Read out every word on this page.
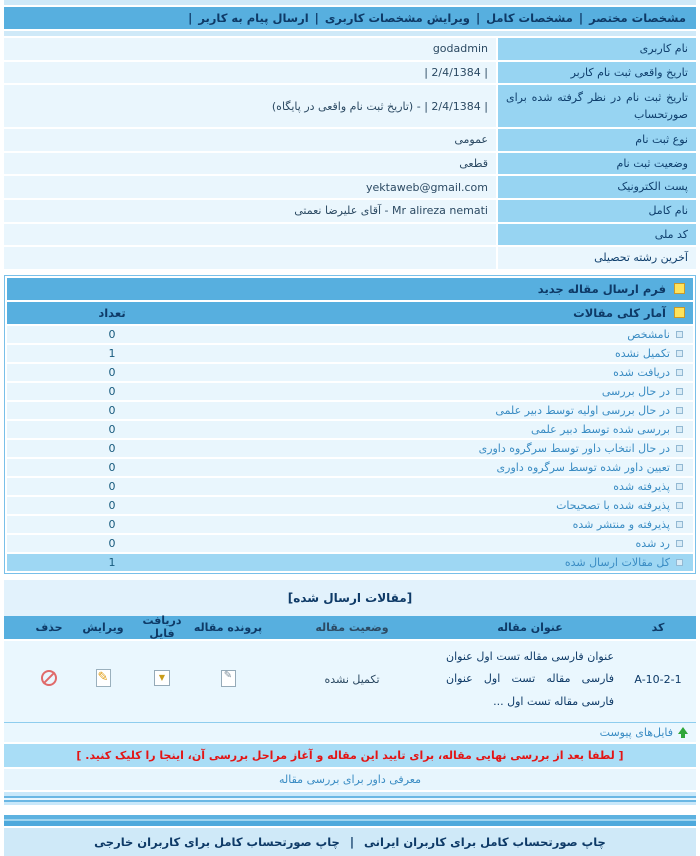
مشخصات مختصر|مشخصات کامل|ویرایش مشخصات کاربری|ارسال پیام به کاربر|
نام کاربری
godadmin
تاریخ واقعی ثبت نام کاربر
| 2/4/1384 |
تاریخ ثبت نام در نظر گرفته شده برای صورتحساب
| 2/4/1384 | - (تاریخ ثبت نام واقعی در پایگاه)
نوع ثبت نام
عمومی
وضعیت ثبت نام
قطعی
پست الکترونیک
yektaweb@gmail.com
نام کامل
Mr alireza nemati - آقای علیرضا نعمتی
کد ملی
آخرین رشته تحصیلی
فرم ارسال مقاله جدید
آمار کلی مقالات
تعداد
نامشخص
0
تکمیل نشده
1
دریافت شده
0
در حال بررسی
0
در حال بررسی اولیه توسط دبیر علمی
0
بررسی شده توسط دبیر علمی
0
در حال انتخاب داور توسط سرگروه داوری
0
تعیین داور شده توسط سرگروه داوری
0
پذیرفته شده
0
پذیرفته شده با تصحیحات
0
پذیرفته و منتشر شده
0
رد شده
0
کل مقالات ارسال شده
1
[مقالات ارسال شده]
کد
عنوان مقاله
وضعیت مقاله
پرونده مقاله
دریافت فایل
ویرایش
حذف
A-10-2-1
عنوان فارسی مقاله تست اول عنوان فارسی مقاله تست اول عنوان فارسی مقاله تست اول ...
تکمیل نشده
✎
▼
✎
فایل‌های پیوست
[ لطفا بعد از بررسی نهایی مقاله، برای تایید این مقاله و آغاز مراحل بررسی آن، اینجا را کلیک کنید. ]
معرفی داور برای بررسی مقاله
چاپ صورتحساب کامل برای کاربران ایرانی|چاپ صورتحساب کامل برای کاربران خارجی
